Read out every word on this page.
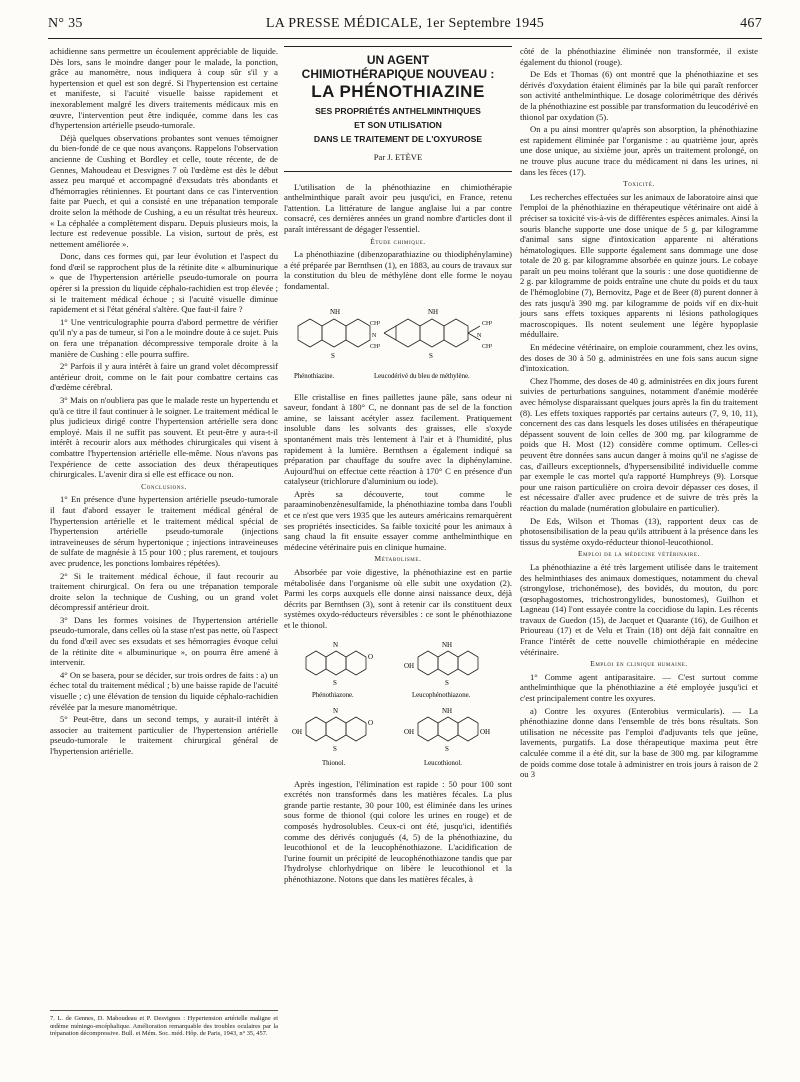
N° 35	LA PRESSE MÉDICALE, 1er Septembre 1945	467

achidienne sans permettre un écoulement appréciable de liquide. Dès lors, sans le moindre danger pour le malade, la ponction, grâce au manomètre, nous indiquera à coup sûr s'il y a hypertension et quel est son degré. Si l'hypertension est certaine et manifeste, si l'acuité visuelle baisse rapidement et inexorablement malgré les divers traitements médicaux mis en œuvre, l'intervention peut être indiquée, comme dans les cas d'hypertension artérielle pseudo-tumorale.

Déjà quelques observations probantes sont venues témoigner du bien-fondé de ce que nous avançons. Rappelons l'observation ancienne de Cushing et Bordley et celle, toute récente, de de Gennes, Mahoudeau et Desvignes 7 où l'œdème est dès le début assez peu marqué et accompagné d'exsudats très abondants et d'hémorragies rétiniennes. Et pourtant dans ce cas l'intervention faite par Puech, et qui a consisté en une trépanation temporale droite selon la méthode de Cushing, a eu un résultat très heureux. « La céphalée a complètement disparu. Depuis plusieurs mois, la lecture est redevenue possible. La vision, surtout de près, est nettement améliorée ».

Donc, dans ces formes qui, par leur évolution et l'aspect du fond d'œil se rapprochent plus de la rétinite dite « albuminurique » que de l'hypertension artérielle pseudo-tumorale on pourra opérer si la pression du liquide céphalo-rachidien est trop élevée ; si le traitement médical échoue ; si l'acuité visuelle diminue rapidement et si l'état général s'altère. Que faut-il faire ?

1° Une ventriculographie pourra d'abord permettre de vérifier qu'il n'y a pas de tumeur, si l'on a le moindre doute à ce sujet. Puis on fera une trépanation décompressive temporale droite à la manière de Cushing : elle pourra suffire.

2° Parfois il y aura intérêt à faire un grand volet décompressif antérieur droit, comme on le fait pour combattre certains cas d'œdème cérébral.

3° Mais on n'oubliera pas que le malade reste un hypertendu et qu'à ce titre il faut continuer à le soigner. Le traitement médical le plus judicieux dirigé contre l'hypertension artérielle sera donc employé. Mais il ne suffit pas souvent. Et peut-être y aura-t-il intérêt à recourir alors aux méthodes chirurgicales qui visent à combattre l'hypertension artérielle elle-même. Nous n'avons pas l'expérience de cette association des deux thérapeutiques chirurgicales. L'avenir dira si elle est efficace ou non.

Conclusions.

1° En présence d'une hypertension artérielle pseudo-tumorale il faut d'abord essayer le traitement médical général de l'hypertension artérielle et le traitement médical spécial de l'hypertension artérielle pseudo-tumorale (injections intraveineuses de sérum hypertonique ; injections intraveineuses de sulfate de magnésie à 15 pour 100 ; plus rarement, et toujours avec prudence, les ponctions lombaires répétées).

2° Si le traitement médical échoue, il faut recourir au traitement chirurgical. On fera ou une trépanation temporale droite selon la technique de Cushing, ou un grand volet décompressif antérieur droit.

3° Dans les formes voisines de l'hypertension artérielle pseudo-tumorale, dans celles où la stase n'est pas nette, où l'aspect du fond d'œil avec ses exsudats et ses hémorragies évoque celui de la rétinite dite « albuminurique », on pourra être amené à intervenir.

4° On se basera, pour se décider, sur trois ordres de faits : a) un échec total du traitement médical ; b) une baisse rapide de l'acuité visuelle ; c) une élévation de tension du liquide céphalo-rachidien révélée par la mesure manométrique.

5° Peut-être, dans un second temps, y aurait-il intérêt à associer au traitement particulier de l'hypertension artérielle pseudo-tumorale le traitement chirurgical général de l'hypertension artérielle.

7. L. de Gennes, D. Mahoudeau et P. Desvignes : Hypertension artérielle maligne et œdème méningo-encéphalique. Amélioration remarquable des troubles oculaires par la trépanation décompressive. Bull. et Mém. Soc. méd. Hôp. de Paris, 1943, n° 35, 457.
UN AGENT
CHIMIOTHÉRAPIQUE NOUVEAU :
LA PHÉNOTHIAZINE
SES PROPRIÉTÉS ANTHELMINTHIQUES
ET SON UTILISATION
DANS LE TRAITEMENT DE L'OXYUROSE
Par J. ETÈVE

L'utilisation de la phénothiazine en chimiothérapie anthelminthique paraît avoir peu jusqu'ici, en France, retenu l'attention. La littérature de langue anglaise lui a par contre consacré, ces dernières années un grand nombre d'articles dont il paraît intéressant de dégager l'essentiel.

Étude chimique.

La phénothiazine (dibenzoparathiazine ou thiodiphénylamine) a été préparée par Bernthsen (1), en 1883, au cours de travaux sur la constitution du bleu de méthylène dont elle forme le noyau fondamental.

NH
S
NH
S
CH³
N
CH³
CH³
N
CH³
Phénothiazine.	Leucodérivé du bleu de méthylène.

Elle cristallise en fines paillettes jaune pâle, sans odeur ni saveur, fondant à 180° C, ne donnant pas de sel de la fonction amine, se laissant acétyler assez facilement. Pratiquement insoluble dans les solvants des graisses, elle s'oxyde spontanément mais très lentement à l'air et à l'humidité, plus rapidement à la lumière. Bernthsen a également indiqué sa préparation par chauffage du soufre avec la diphénylamine. Aujourd'hui on effectue cette réaction à 170° C en présence d'un catalyseur (trichlorure d'aluminium ou iode).

Après sa découverte, tout comme le paraaminobenzènesulfamide, la phénothiazine tomba dans l'oubli et ce n'est que vers 1935 que les auteurs américains remarquèrent ses propriétés insecticides. Sa faible toxicité pour les animaux à sang chaud la fit ensuite essayer comme anthelminthique en médecine vétérinaire puis en clinique humaine.

Métabolisme.

Absorbée par voie digestive, la phénothiazine est en partie métabolisée dans l'organisme où elle subit une oxydation (2). Parmi les corps auxquels elle donne ainsi naissance deux, déjà décrits par Bernthsen (3), sont à retenir car ils constituent deux systèmes oxydo-réducteurs réversibles : ce sont le phénothiazone et le thionol.

N
S
O
NH
S
OH
N
S
O
OH
NH
S
OH	OH
Phénothiazone.	Leucophénothiazone.
Thionol.	Leucothionol.

Après ingestion, l'élimination est rapide : 50 pour 100 sont excrétés non transformés dans les matières fécales. La plus grande partie restante, 30 pour 100, est éliminée dans les urines sous forme de thionol (qui colore les urines en rouge) et de composés hydrosolubles. Ceux-ci ont été, jusqu'ici, identifiés comme des dérivés conjugués (4, 5) de la phénothiazine, du leucothionol et de la leucophénothiazone. L'acidification de l'urine fournit un précipité de leucophénothiazone tandis que par l'hydrolyse chlorhydrique on libère le leucothionol et la phénothiazone. Notons que dans les matières fécales, à

côté de la phénothiazine éliminée non transformée, il existe également du thionol (rouge).

De Eds et Thomas (6) ont montré que la phénothiazine et ses dérivés d'oxydation étaient éliminés par la bile qui paraît renforcer son activité anthelminthique. Le dosage colorimétrique des dérivés de la phénothiazine est possible par transformation du leucodérivé en thionol par oxydation (5).

On a pu ainsi montrer qu'après son absorption, la phénothiazine est rapidement éliminée par l'organisme : au quatrième jour, après une dose unique, au sixième jour, après un traitement prolongé, on ne trouve plus aucune trace du médicament ni dans les urines, ni dans les fèces (17).

Toxicité.

Les recherches effectuées sur les animaux de laboratoire ainsi que l'emploi de la phénothiazine en thérapeutique vétérinaire ont aidé à préciser sa toxicité vis-à-vis de différentes espèces animales. Ainsi la souris blanche supporte une dose unique de 5 g. par kilogramme d'animal sans signe d'intoxication apparente ni altérations hématologiques. Elle supporte également sans dommage une dose totale de 20 g. par kilogramme absorbée en quinze jours. Le cobaye paraît un peu moins tolérant que la souris : une dose quotidienne de 2 g. par kilogramme de poids entraîne une chute du poids et du taux de l'hémoglobine (7), Bernovitz, Page et de Beer (8) purent donner à des rats jusqu'à 390 mg. par kilogramme de poids vif en dix-huit jours sans effets toxiques apparents ni lésions pathologiques macroscopiques. Ils notent seulement une légère hypoplasie médullaire.

En médecine vétérinaire, on emploie couramment, chez les ovins, des doses de 30 à 50 g. administrées en une fois sans aucun signe d'intoxication.

Chez l'homme, des doses de 40 g. administrées en dix jours furent suivies de perturbations sanguines, notamment d'anémie modérée avec hémolyse disparaissant quelques jours après la fin du traitement (8). Les effets toxiques rapportés par certains auteurs (7, 9, 10, 11), concernent des cas dans lesquels les doses utilisées en thérapeutique dépassent souvent de loin celles de 300 mg. par kilogramme de poids que H. Most (12) considère comme optimum. Celles-ci peuvent être données sans aucun danger à moins qu'il ne s'agisse de cas, d'ailleurs exceptionnels, d'hypersensibilité individuelle comme par exemple le cas mortel qu'a rapporté Humphreys (9). Lorsque pour une raison particulière on croira devoir dépasser ces doses, il est nécessaire d'aller avec prudence et de suivre de très près la réaction du malade (numération globulaire en particulier).

De Eds, Wilson et Thomas (13), rapportent deux cas de photosensibilisation de la peau qu'ils attribuent à la présence dans les tissus du système oxydo-réducteur thionol-leucothionol.

Emploi de la médecine vétérinaire.

La phénothiazine a été très largement utilisée dans le traitement des helminthiases des animaux domestiques, notamment du cheval (strongylose, trichonémose), des bovidés, du mouton, du porc (œsophagostomes, trichostrongylides, bunostomes), Guilhon et Lagneau (14) l'ont essayée contre la coccidiose du lapin. Les récents travaux de Guedon (15), de Jacquet et Quarante (16), de Guilhon et Prioureau (17) et de Velu et Train (18) ont déjà fait connaître en France l'intérêt de cette nouvelle chimiothérapie en médecine vétérinaire.

Emploi en clinique humaine.

1° Comme agent antiparasitaire. — C'est surtout comme anthelminthique que la phénothiazine a été employée jusqu'ici et c'est principalement contre les oxyures.

a) Contre les oxyures (Enterobius vermicularis). — La phénothiazine donne dans l'ensemble de très bons résultats. Son utilisation ne nécessite pas l'emploi d'adjuvants tels que jeûne, lavements, purgatifs. La dose thérapeutique maxima peut être calculée comme il a été dit, sur la base de 300 mg. par kilogramme de poids comme dose totale à administrer en trois jours à raison de 2 ou 3
